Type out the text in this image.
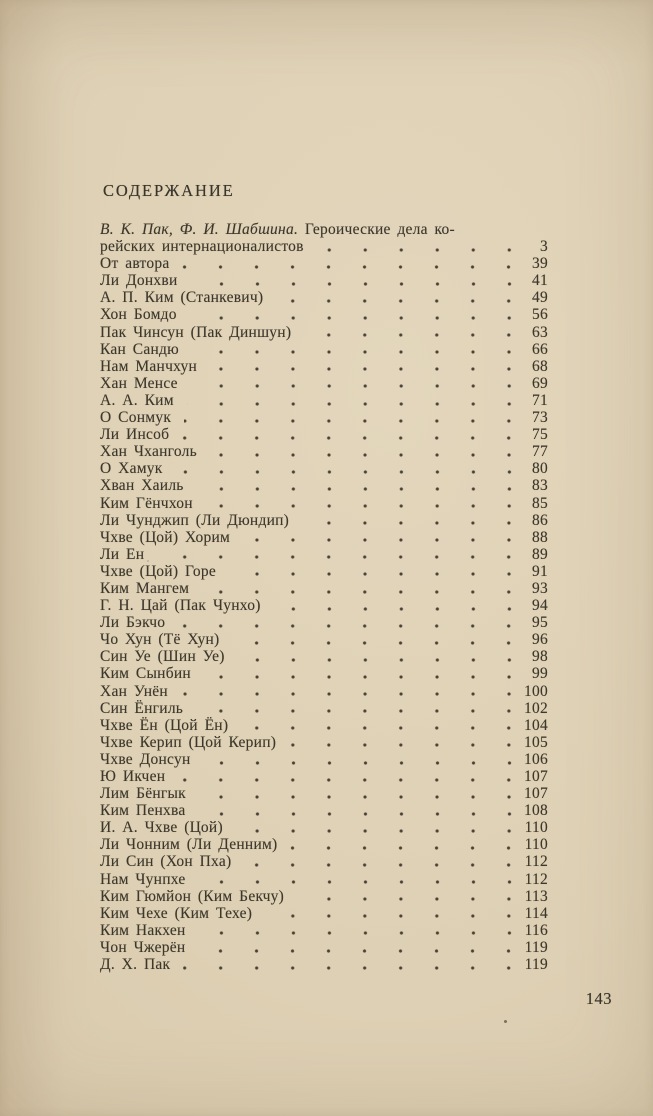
СОДЕРЖАНИЕ
В. К. Пак, Ф. И. Шабшина. Героические дела ко-
рейских интернационалистов	3
От автора	39
Ли Донхви	41
А. П. Ким (Станкевич)	49
Хон Бомдо	56
Пак Чинсун (Пак Диншун)	63
Кан Сандю	66
Нам Манчхун	68
Хан Менсе	69
А. А. Ким	71
О Сонмук	73
Ли Инсоб	75
Хан Чханголь	77
О Хамук	80
Хван Хаиль	83
Ким Гёнчхон	85
Ли Чунджип (Ли Дюндип)	86
Чхве (Цой) Хорим	88
Ли Ен	89
Чхве (Цой) Горе	91
Ким Мангем	93
Г. Н. Цай (Пак Чунхо)	94
Ли Бэкчо	95
Чо Хун (Тё Хун)	96
Син Уе (Шин Уе)	98
Ким Сынбин	99
Хан Унён	100
Син Ёнгиль	102
Чхве Ён (Цой Ён)	104
Чхве Керип (Цой Керип)	105
Чхве Донсун	106
Ю Икчен	107
Лим Бёнгык	107
Ким Пенхва	108
И. А. Чхве (Цой)	110
Ли Чонним (Ли Денним)	110
Ли Син (Хон Пха)	112
Нам Чунпхе	112
Ким Гюмйон (Ким Бекчу)	113
Ким Чехе (Ким Техе)	114
Ким Накхен	116
Чон Чжерён	119
Д. Х. Пак	119
143
